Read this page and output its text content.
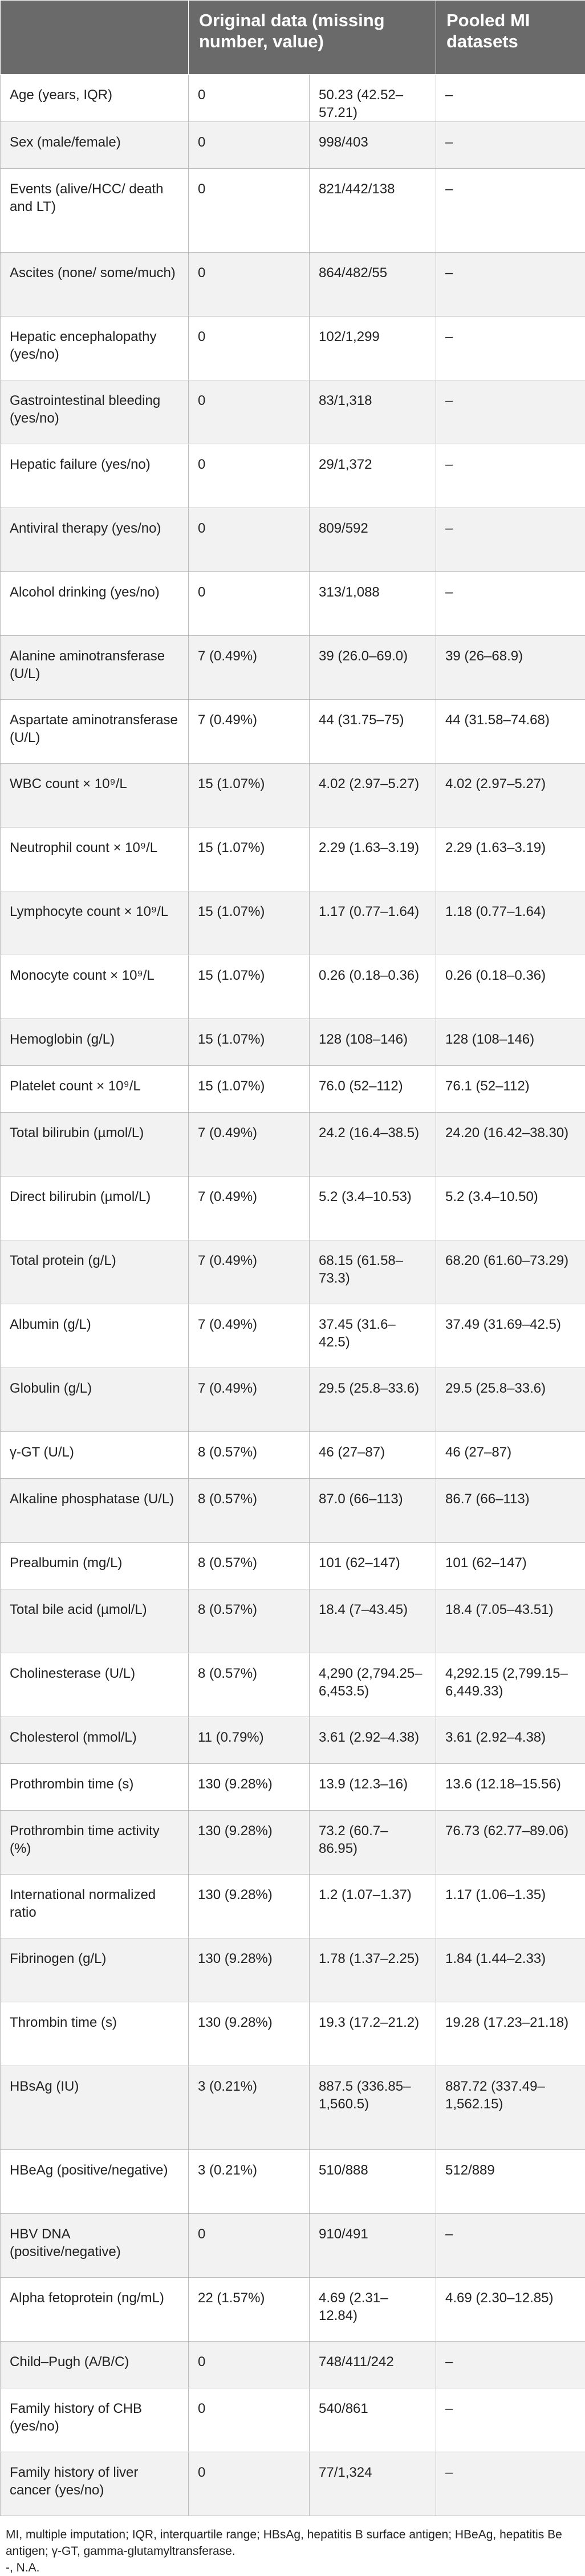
	Original data (missing number, value)		Pooled MI datasets
Age (years, IQR)	0	50.23 (42.52–57.21)	–
Sex (male/female)	0	998/403	–
Events (alive/HCC/ death and LT)	0	821/442/138	–
Ascites (none/ some/much)	0	864/482/55	–
Hepatic encephalopathy (yes/no)	0	102/1,299	–
Gastrointestinal bleeding (yes/no)	0	83/1,318	–
Hepatic failure (yes/no)	0	29/1,372	–
Antiviral therapy (yes/no)	0	809/592	–
Alcohol drinking (yes/no)	0	313/1,088	–
Alanine aminotransferase (U/L)	7 (0.49%)	39 (26.0–69.0)	39 (26–68.9)
Aspartate aminotransferase (U/L)	7 (0.49%)	44 (31.75–75)	44 (31.58–74.68)
WBC count × 10⁹/L	15 (1.07%)	4.02 (2.97–5.27)	4.02 (2.97–5.27)
Neutrophil count × 10⁹/L	15 (1.07%)	2.29 (1.63–3.19)	2.29 (1.63–3.19)
Lymphocyte count × 10⁹/L	15 (1.07%)	1.17 (0.77–1.64)	1.18 (0.77–1.64)
Monocyte count × 10⁹/L	15 (1.07%)	0.26 (0.18–0.36)	0.26 (0.18–0.36)
Hemoglobin (g/L)	15 (1.07%)	128 (108–146)	128 (108–146)
Platelet count × 10⁹/L	15 (1.07%)	76.0 (52–112)	76.1 (52–112)
Total bilirubin (µmol/L)	7 (0.49%)	24.2 (16.4–38.5)	24.20 (16.42–38.30)
Direct bilirubin (µmol/L)	7 (0.49%)	5.2 (3.4–10.53)	5.2 (3.4–10.50)
Total protein (g/L)	7 (0.49%)	68.15 (61.58–73.3)	68.20 (61.60–73.29)
Albumin (g/L)	7 (0.49%)	37.45 (31.6–42.5)	37.49 (31.69–42.5)
Globulin (g/L)	7 (0.49%)	29.5 (25.8–33.6)	29.5 (25.8–33.6)
γ-GT (U/L)	8 (0.57%)	46 (27–87)	46 (27–87)
Alkaline phosphatase (U/L)	8 (0.57%)	87.0 (66–113)	86.7 (66–113)
Prealbumin (mg/L)	8 (0.57%)	101 (62–147)	101 (62–147)
Total bile acid (µmol/L)	8 (0.57%)	18.4 (7–43.45)	18.4 (7.05–43.51)
Cholinesterase (U/L)	8 (0.57%)	4,290 (2,794.25–6,453.5)	4,292.15 (2,799.15–6,449.33)
Cholesterol (mmol/L)	11 (0.79%)	3.61 (2.92–4.38)	3.61 (2.92–4.38)
Prothrombin time (s)	130 (9.28%)	13.9 (12.3–16)	13.6 (12.18–15.56)
Prothrombin time activity (%)	130 (9.28%)	73.2 (60.7–86.95)	76.73 (62.77–89.06)
International normalized ratio	130 (9.28%)	1.2 (1.07–1.37)	1.17 (1.06–1.35)
Fibrinogen (g/L)	130 (9.28%)	1.78 (1.37–2.25)	1.84 (1.44–2.33)
Thrombin time (s)	130 (9.28%)	19.3 (17.2–21.2)	19.28 (17.23–21.18)
HBsAg (IU)	3 (0.21%)	887.5 (336.85–1,560.5)	887.72 (337.49–1,562.15)
HBeAg (positive/negative)	3 (0.21%)	510/888	512/889
HBV DNA (positive/negative)	0	910/491	–
Alpha fetoprotein (ng/mL)	22 (1.57%)	4.69 (2.31–12.84)	4.69 (2.30–12.85)
Child–Pugh (A/B/C)	0	748/411/242	–
Family history of CHB (yes/no)	0	540/861	–
Family history of liver cancer (yes/no)	0	77/1,324	–

MI, multiple imputation; IQR, interquartile range; HBsAg, hepatitis B surface antigen; HBeAg, hepatitis Be antigen; γ-GT, gamma-glutamyltransferase.

-, N.A.
